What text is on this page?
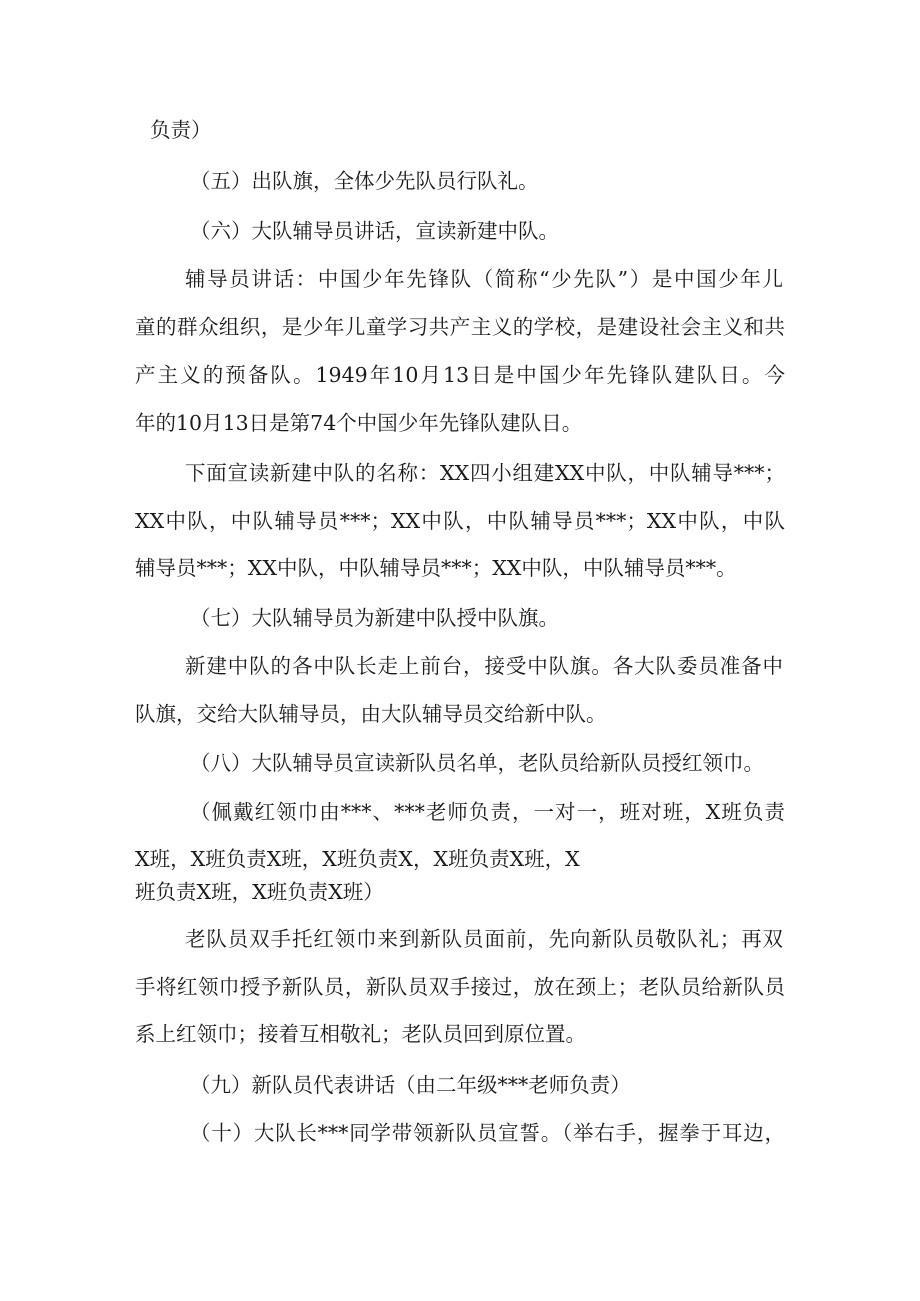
负责）
（五）出队旗，全体少先队员行队礼。
（六）大队辅导员讲话，宣读新建中队。
辅导员讲话：中国少年先锋队（简称“少先队”）是中国少年儿
童的群众组织，是少年儿童学习共产主义的学校，是建设社会主义和共
产主义的预备队。1949年10月13日是中国少年先锋队建队日。今
年的10月13日是第74个中国少年先锋队建队日。
下面宣读新建中队的名称：XX四小组建XX中队，中队辅导***；
XX中队，中队辅导员***；XX中队，中队辅导员***；XX中队，中队
辅导员***；XX中队，中队辅导员***；XX中队，中队辅导员***。
（七）大队辅导员为新建中队授中队旗。
新建中队的各中队长走上前台，接受中队旗。各大队委员准备中
队旗，交给大队辅导员，由大队辅导员交给新中队。
（八）大队辅导员宣读新队员名单，老队员给新队员授红领巾。
（佩戴红领巾由***、***老师负责，一对一，班对班，X班负责
X班，X班负责X班，X班负责X，X班负责X班，X
班负责X班，X班负责X班）
老队员双手托红领巾来到新队员面前，先向新队员敬队礼；再双
手将红领巾授予新队员，新队员双手接过，放在颈上；老队员给新队员
系上红领巾；接着互相敬礼；老队员回到原位置。
（九）新队员代表讲话（由二年级***老师负责）
（十）大队长***同学带领新队员宣誓。（举右手，握拳于耳边，
